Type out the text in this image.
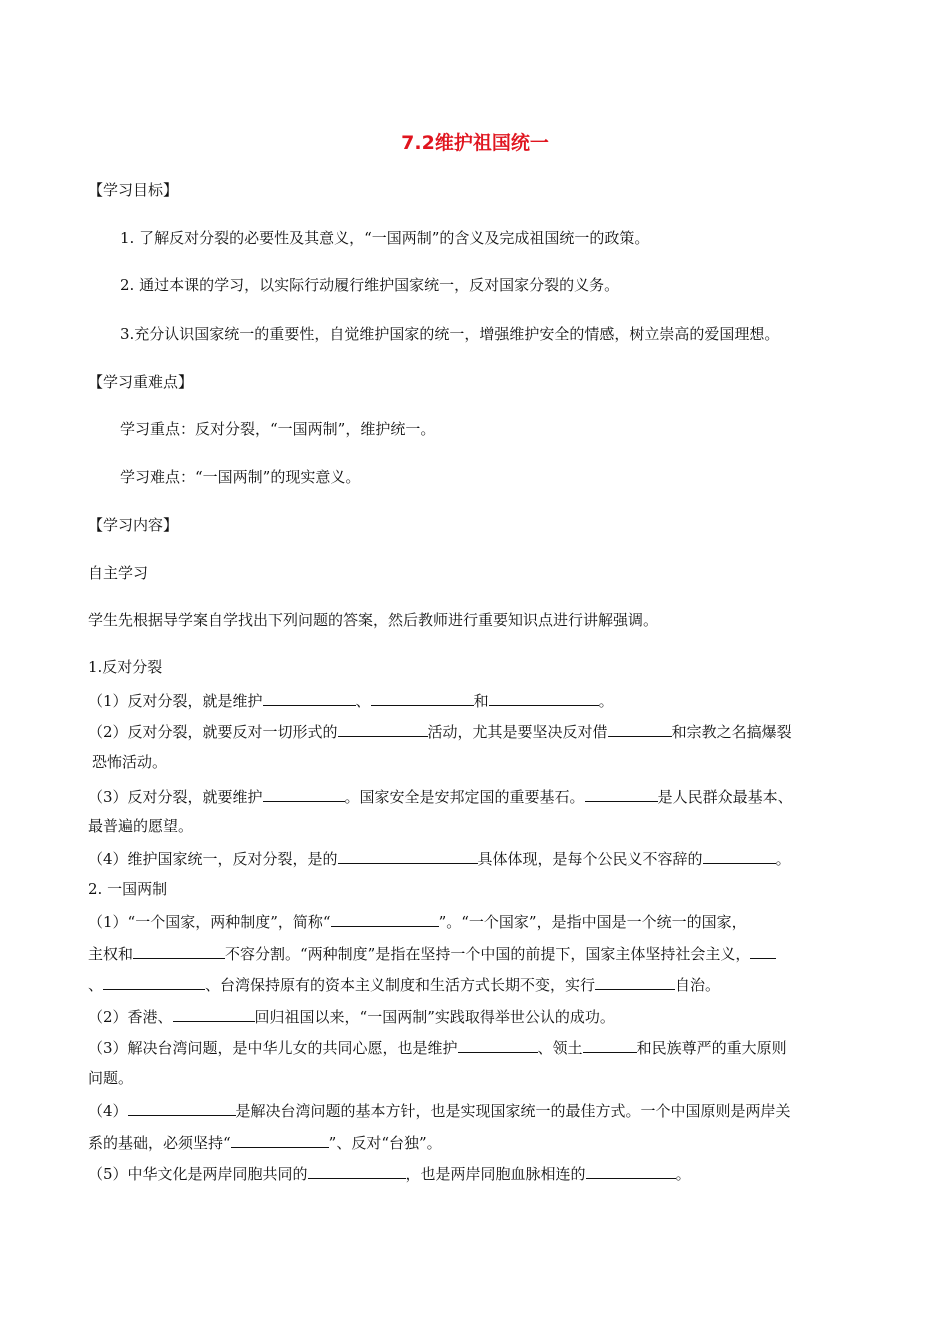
7.2维护祖国统一
【学习目标】
1. 了解反对分裂的必要性及其意义，“一国两制”的含义及完成祖国统一的政策。
2. 通过本课的学习，以实际行动履行维护国家统一，反对国家分裂的义务。
3.充分认识国家统一的重要性，自觉维护国家的统一，增强维护安全的情感，树立崇高的爱国理想。
【学习重难点】
学习重点：反对分裂，“一国两制”，维护统一。
学习难点：“一国两制”的现实意义。
【学习内容】
自主学习
学生先根据导学案自学找出下列问题的答案，然后教师进行重要知识点进行讲解强调。
1.反对分裂
（1）反对分裂，就是维护	、	和	。
（2）反对分裂，就要反对一切形式的	活动，尤其是要坚决反对借	和宗教之名搞爆裂
恐怖活动。
（3）反对分裂，就要维护	。国家安全是安邦定国的重要基石。	是人民群众最基本、
最普遍的愿望。
（4）维护国家统一，反对分裂，是的	具体体现，是每个公民义不容辞的	。
2. 一国两制
（1）“一个国家，两种制度”，简称“	”。“一个国家”，是指中国是一个统一的国家，
主权和	不容分割。“两种制度”是指在坚持一个中国的前提下，国家主体坚持社会主义，
、	、台湾保持原有的资本主义制度和生活方式长期不变，实行	自治。
（2）香港、	回归祖国以来，“一国两制”实践取得举世公认的成功。
（3）解决台湾问题，是中华儿女的共同心愿，也是维护	、领土	和民族尊严的重大原则
问题。
（4）	是解决台湾问题的基本方针，也是实现国家统一的最佳方式。一个中国原则是两岸关
系的基础，必须坚持“	”、反对“台独”。
（5）中华文化是两岸同胞共同的	，也是两岸同胞血脉相连的	。
